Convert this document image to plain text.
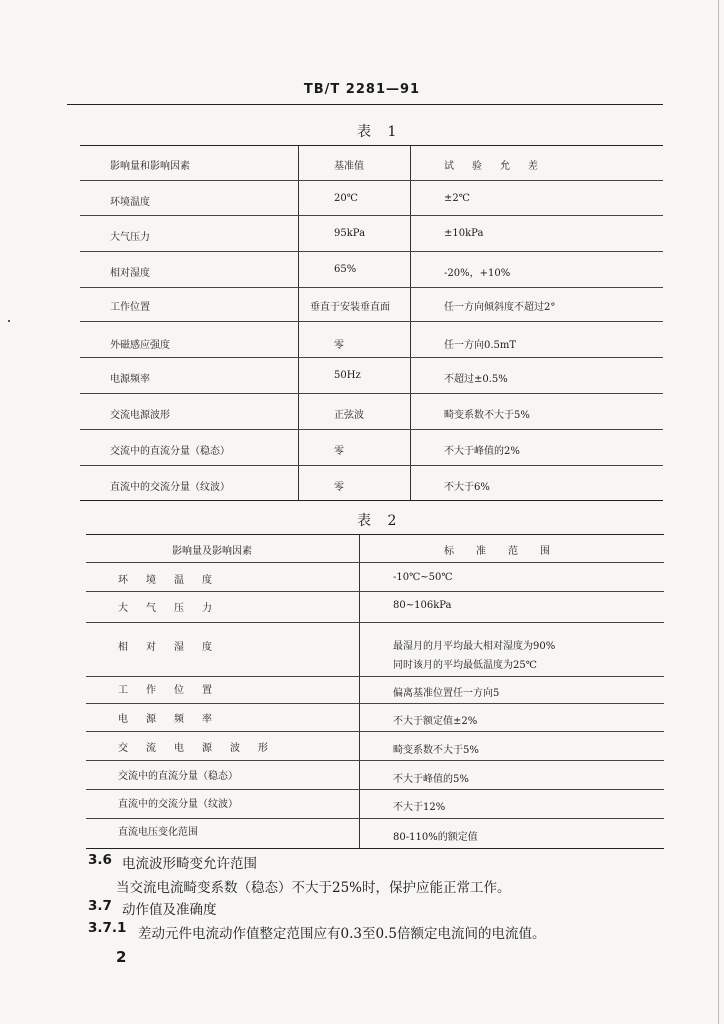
TB/T 2281—91
表 1
影响量和影响因素	基准值	试　验　允　差
环境温度	20℃	±2℃
大气压力	95kPa	±10kPa
相对湿度	65%	-20%，+10%
工作位置	垂直于安装垂直面	任一方向倾斜度不超过2°
外磁感应强度	零	任一方向0.5mT
电源频率	50Hz	不超过±0.5%
交流电源波形	正弦波	畸变系数不大于5%
交流中的直流分量（稳态）	零	不大于峰值的2%
直流中的交流分量（纹波）	零	不大于6%
表 2
影响量及影响因素	标　准　范　围
环境温度	-10℃~50℃
大气压力	80~106kPa
相对湿度	最湿月的月平均最大相对湿度为90%
同时该月的平均最低温度为25℃
工作位置	偏离基准位置任一方向5
电源频率	不大于额定值±2%
交流电源波形	畸变系数不大于5%
交流中的直流分量（稳态）	不大于峰值的5%
直流中的交流分量（纹波）	不大于12%
直流电压变化范围	80-110%的额定值
3.6 电流波形畸变允许范围
当交流电流畸变系数（稳态）不大于25%时，保护应能正常工作。
3.7 动作值及准确度
3.7.1 差动元件电流动作值整定范围应有0.3至0.5倍额定电流间的电流值。
2
